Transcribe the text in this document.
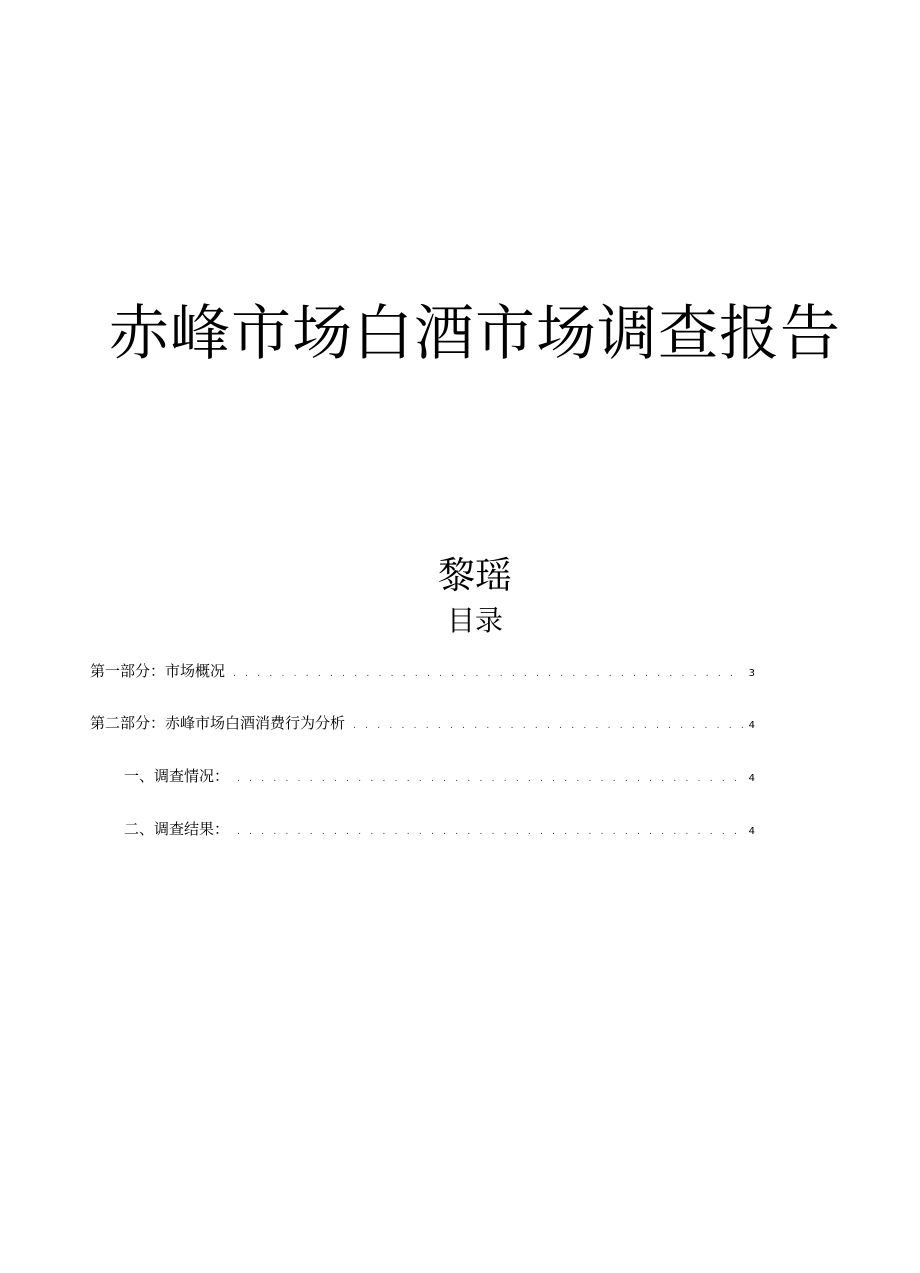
赤峰市场白酒市场调查报告
黎瑶
目录
第一部分：市场概况 . . .	3
第二部分：赤峰市场白酒消费行为分析 . . .	4
一、调查情况： . . .	4
二、调查结果： . . .	4
